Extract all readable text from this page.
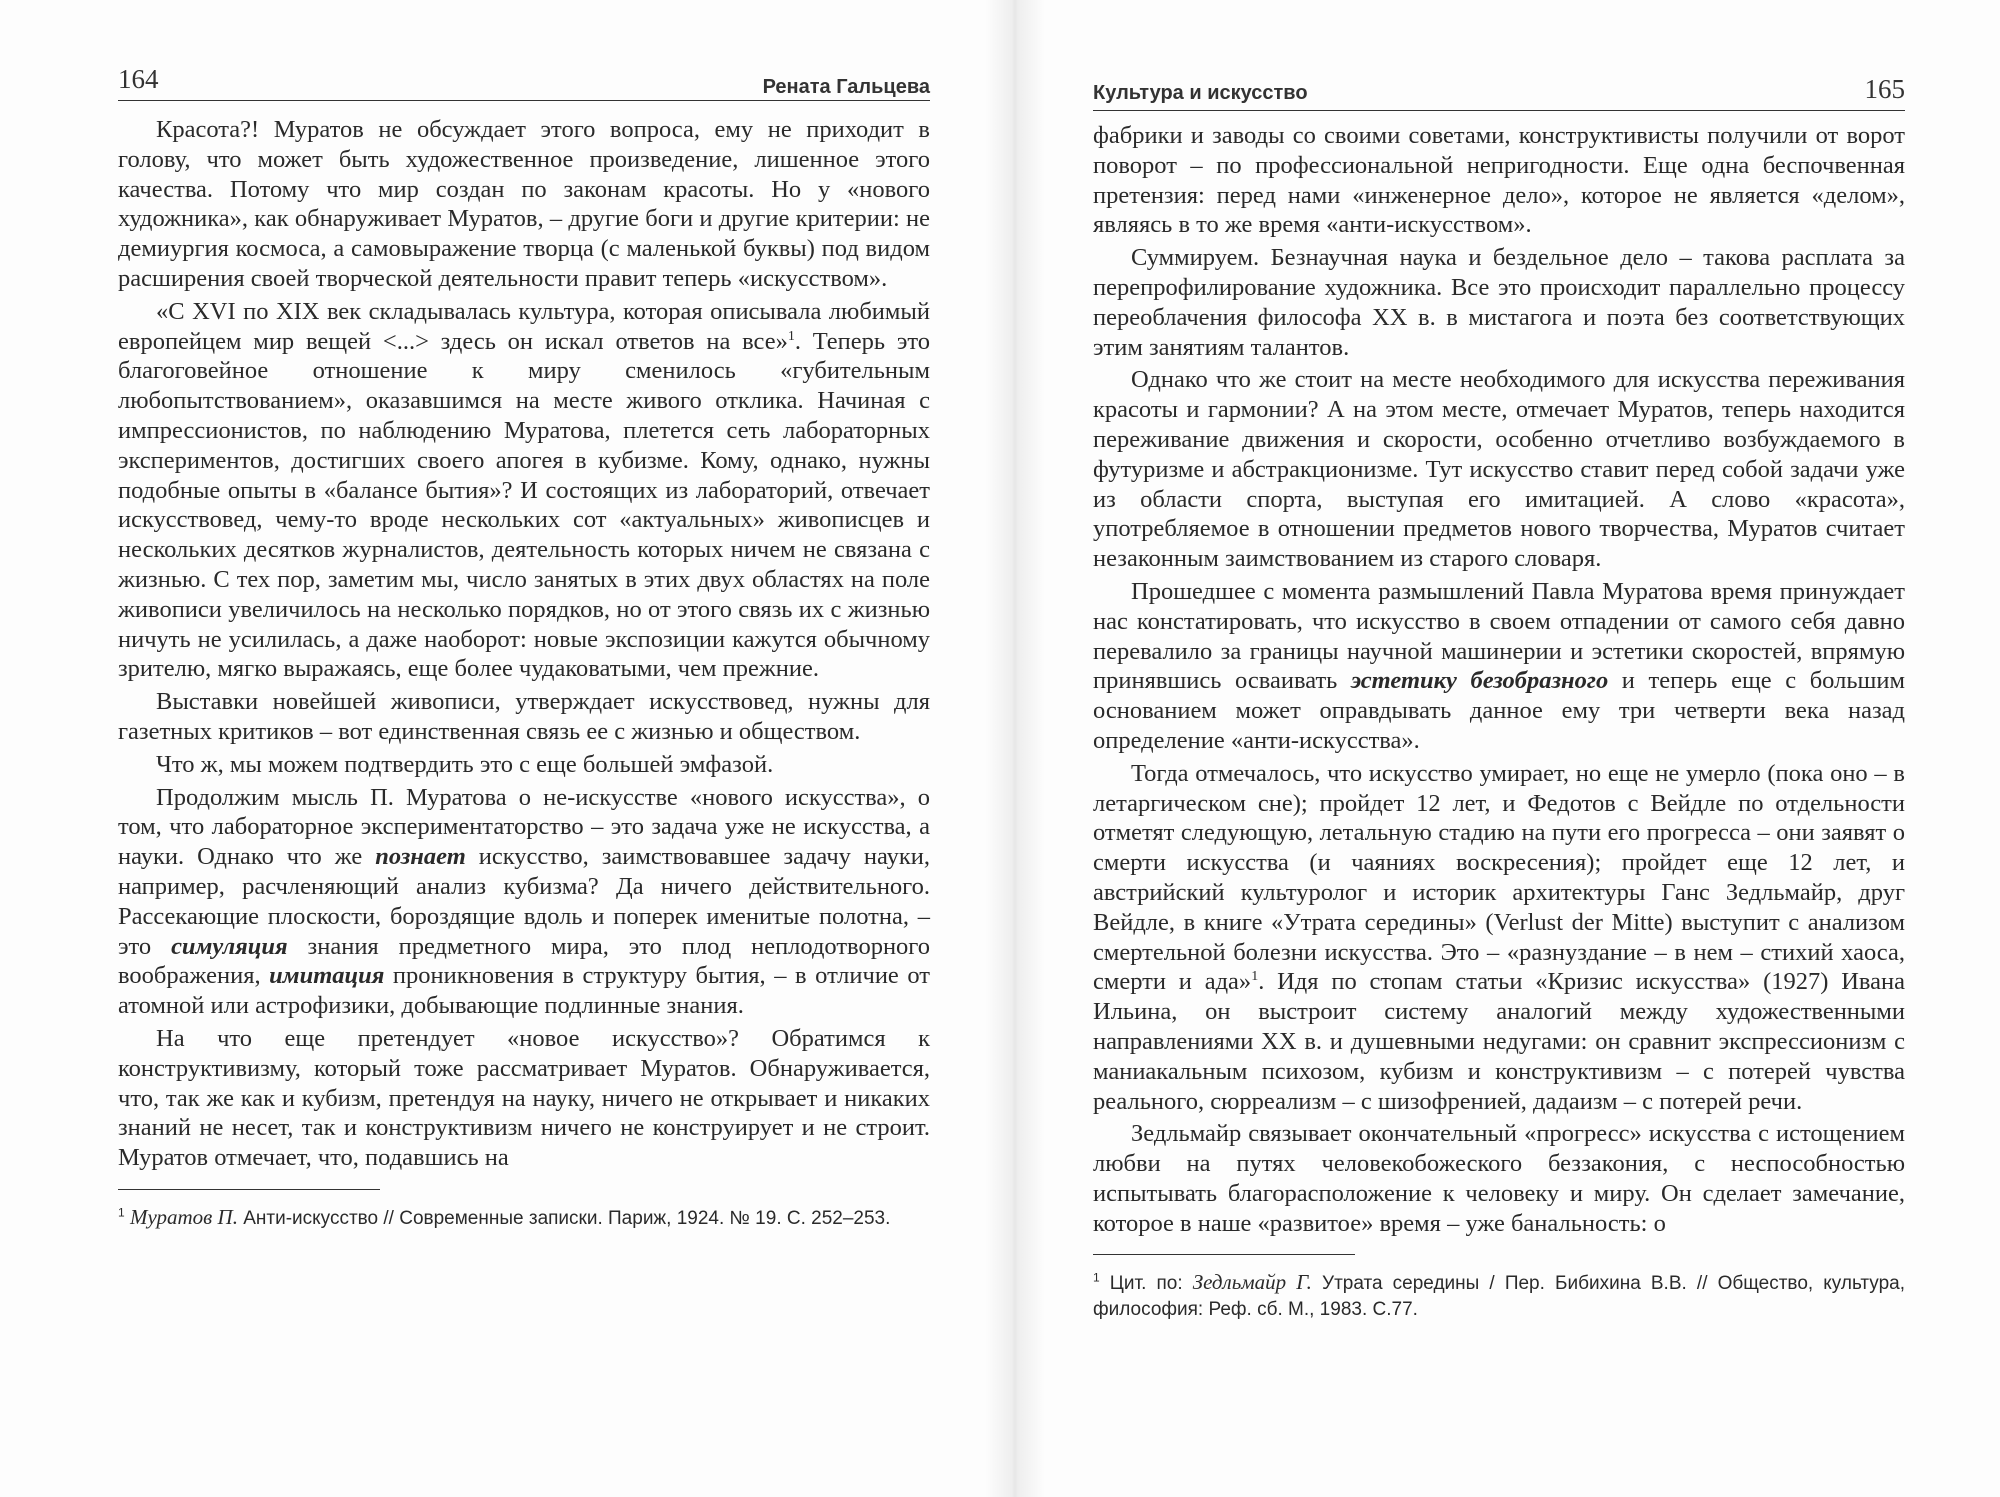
164	Рената Гальцева

Красота?! Муратов не обсуждает этого вопроса, ему не приходит в голову, что может быть художественное произведение, лишенное этого качества. Потому что мир создан по законам красоты. Но у «нового художника», как обнаруживает Муратов, – другие боги и другие критерии: не демиургия космоса, а самовыражение творца (с маленькой буквы) под видом расширения своей творческой деятельности правит теперь «искусством».

«С XVI по XIX век складывалась культура, которая описывала любимый европейцем мир вещей <...> здесь он искал ответов на все»$^1$. Теперь это благоговейное отношение к миру сменилось «губительным любопытствованием», оказавшимся на месте живого отклика. Начиная с импрессионистов, по наблюдению Муратова, плетется сеть лабораторных экспериментов, достигших своего апогея в кубизме. Кому, однако, нужны подобные опыты в «балансе бытия»? И состоящих из лабораторий, отвечает искусствовед, чему-то вроде нескольких сот «актуальных» живописцев и нескольких десятков журналистов, деятельность которых ничем не связана с жизнью. С тех пор, заметим мы, число занятых в этих двух областях на поле живописи увеличилось на несколько порядков, но от этого связь их с жизнью ничуть не усилилась, а даже наоборот: новые экспозиции кажутся обычному зрителю, мягко выражаясь, еще более чудаковатыми, чем прежние.

Выставки новейшей живописи, утверждает искусствовед, нужны для газетных критиков – вот единственная связь ее с жизнью и обществом.

Что ж, мы можем подтвердить это с еще большей эмфазой.

Продолжим мысль П. Муратова о не-искусстве «нового искусства», о том, что лабораторное экспериментаторство – это задача уже не искусства, а науки. Однако что же познает искусство, заимствовавшее задачу науки, например, расчленяющий анализ кубизма? Да ничего действительного. Рассекающие плоскости, бороздящие вдоль и поперек именитые полотна, – это симуляция знания предметного мира, это плод неплодотворного воображения, имитация проникновения в структуру бытия, – в отличие от атомной или астрофизики, добывающие подлинные знания.

На что еще претендует «новое искусство»? Обратимся к конструктивизму, который тоже рассматривает Муратов. Обнаруживается, что, так же как и кубизм, претендуя на науку, ничего не открывает и никаких знаний не несет, так и конструктивизм ничего не конструирует и не строит. Муратов отмечает, что, подавшись на

$^1$ Муратов П. Анти-искусство // Современные записки. Париж, 1924. № 19. С. 252–253.
Культура и искусство	165

фабрики и заводы со своими советами, конструктивисты получили от ворот поворот – по профессиональной непригодности. Еще одна беспочвенная претензия: перед нами «инженерное дело», которое не является «делом», являясь в то же время «анти-искусством».

Суммируем. Безнаучная наука и бездельное дело – такова расплата за перепрофилирование художника. Все это происходит параллельно процессу переоблачения философа XX в. в мистагога и поэта без соответствующих этим занятиям талантов.

Однако что же стоит на месте необходимого для искусства переживания красоты и гармонии? А на этом месте, отмечает Муратов, теперь находится переживание движения и скорости, особенно отчетливо возбуждаемого в футуризме и абстракционизме. Тут искусство ставит перед собой задачи уже из области спорта, выступая его имитацией. А слово «красота», употребляемое в отношении предметов нового творчества, Муратов считает незаконным заимствованием из старого словаря.

Прошедшее с момента размышлений Павла Муратова время принуждает нас констатировать, что искусство в своем отпадении от самого себя давно перевалило за границы научной машинерии и эстетики скоростей, впрямую принявшись осваивать эстетику безобразного и теперь еще с большим основанием может оправдывать данное ему три четверти века назад определение «анти-искусства».

Тогда отмечалось, что искусство умирает, но еще не умерло (пока оно – в летаргическом сне); пройдет 12 лет, и Федотов с Вейдле по отдельности отметят следующую, летальную стадию на пути его прогресса – они заявят о смерти искусства (и чаяниях воскресения); пройдет еще 12 лет, и австрийский культуролог и историк архитектуры Ганс Зедльмайр, друг Вейдле, в книге «Утрата середины» (Verlust der Mitte) выступит с анализом смертельной болезни искусства. Это – «разнуздание – в нем – стихий хаоса, смерти и ада»$^1$. Идя по стопам статьи «Кризис искусства» (1927) Ивана Ильина, он выстроит систему аналогий между художественными направлениями XX в. и душевными недугами: он сравнит экспрессионизм с маниакальным психозом, кубизм и конструктивизм – с потерей чувства реального, сюрреализм – с шизофренией, дадаизм – с потерей речи.

Зедльмайр связывает окончательный «прогресс» искусства с истощением любви на путях человекобожеского беззакония, с неспособностью испытывать благорасположение к человеку и миру. Он сделает замечание, которое в наше «развитое» время – уже банальность: о

$^1$ Цит. по: Зедльмайр Г. Утрата середины / Пер. Бибихина В.В. // Общество, культура, философия: Реф. сб. М., 1983. С.77.
